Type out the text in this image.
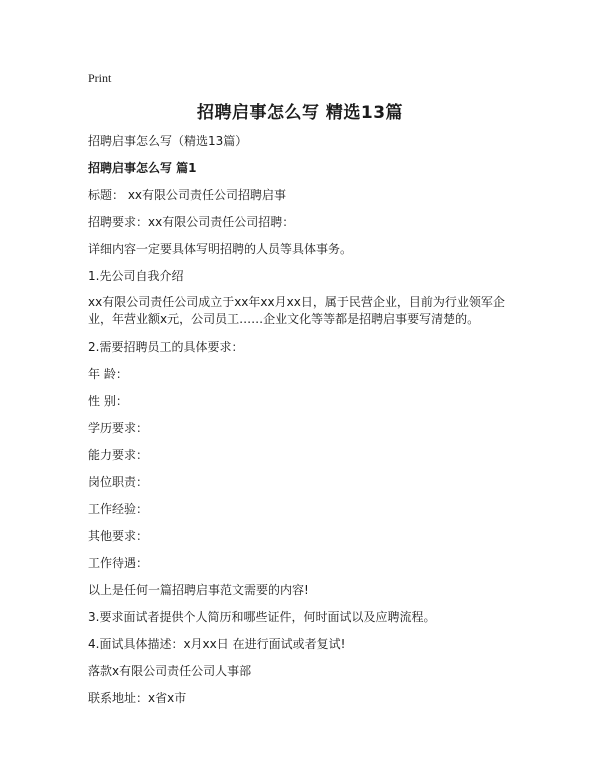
Print
招聘启事怎么写 精选13篇

招聘启事怎么写（精选13篇）

招聘启事怎么写 篇1

标题： xx有限公司责任公司招聘启事

招聘要求：xx有限公司责任公司招聘：

详细内容一定要具体写明招聘的人员等具体事务。

1.先公司自我介绍

xx有限公司责任公司成立于xx年xx月xx日，属于民营企业，目前为行业领军企业，年营业额x元，公司员工……企业文化等等都是招聘启事要写清楚的。

2.需要招聘员工的具体要求：

年 龄：

性 别：

学历要求：

能力要求：

岗位职责：

工作经验：

其他要求：

工作待遇：

以上是任何一篇招聘启事范文需要的内容!

3.要求面试者提供个人简历和哪些证件，何时面试以及应聘流程。

4.面试具体描述：x月xx日 在进行面试或者复试!

落款x有限公司责任公司人事部

联系地址：x省x市
